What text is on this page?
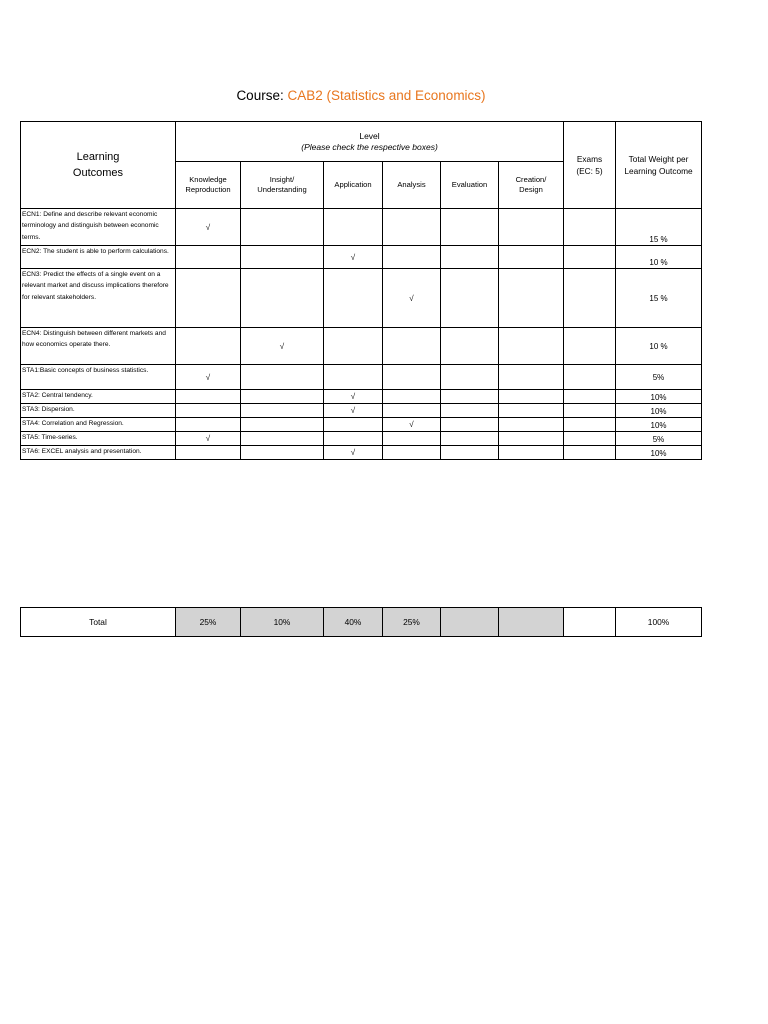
Course: CAB2 (Statistics and Economics)
Learning Outcomes	Level
(Please check the respective boxes)						Exams (EC: 5)	Total Weight per Learning Outcome

	Knowledge Reproduction	Insight/ Understanding	Application	Analysis	Evaluation	Creation/ Design		

ECN1: Define and describe relevant economic terminology and distinguish between economic terms.	√							15 %
ECN2: The student is able to perform calculations.			√					10 %
ECN3: Predict the effects of a single event on a relevant market and discuss implications therefore for relevant stakeholders.				√				15 %
ECN4: Distinguish between different markets and how economics operate there.		√						10 %
STA1:Basic concepts of business statistics.	√							5%
STA2: Central tendency.			√					10%
STA3: Dispersion.			√					10%
STA4: Correlation and Regression.				√				10%
STA5: Time-series.	√							5%
STA6: EXCEL analysis and presentation.			√					10%
Total	25%	10%	40%	25%				100%
